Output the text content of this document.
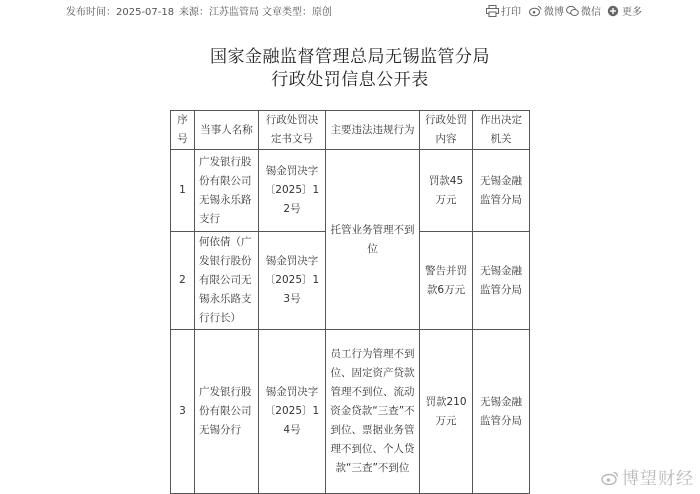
发布时间：2025-07-18 来源：江苏监管局 文章类型：原创	打印	微博	微信	更多
国家金融监督管理总局无锡监管分局
行政处罚信息公开表
序号	当事人名称	行政处罚决定书文号	主要违法违规行为	行政处罚内容	作出决定机关
1	广发银行股份有限公司无锡永乐路支行	锡金罚决字〔2025〕12号	托管业务管理不到位	罚款45万元	无锡金融监管分局
2	何依倩（广发银行股份有限公司无锡永乐路支行行长）	锡金罚决字〔2025〕13号		警告并罚款6万元	无锡金融监管分局
3	广发银行股份有限公司无锡分行	锡金罚决字〔2025〕14号	员工行为管理不到位、固定资产贷款管理不到位、流动资金贷款“三查”不到位、票据业务管理不到位、个人贷款“三查”不到位	罚款210万元	无锡金融监管分局
博望财经
